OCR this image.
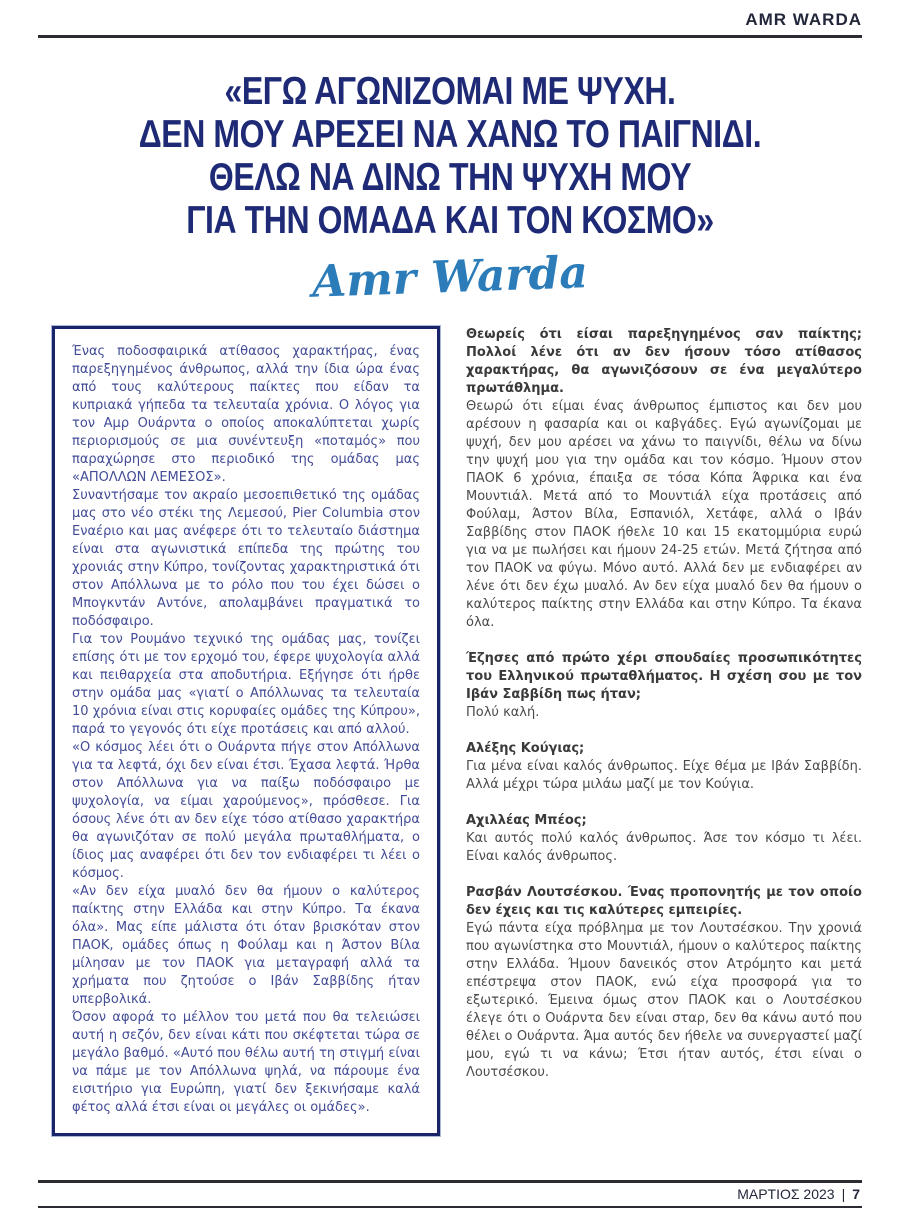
AMR WARDA
«ΕΓΩ ΑΓΩΝΙΖΟΜΑΙ ΜΕ ΨΥΧΗ.
ΔΕΝ ΜΟΥ ΑΡΕΣΕΙ ΝΑ ΧΑΝΩ ΤΟ ΠΑΙΓΝΙΔΙ.
ΘΕΛΩ ΝΑ ΔΙΝΩ ΤΗΝ ΨΥΧΗ ΜΟΥ
ΓΙΑ ΤΗΝ ΟΜΑΔΑ ΚΑΙ ΤΟΝ ΚΟΣΜΟ»
Amr Warda

Ένας ποδοσφαιρικά ατίθασος χαρακτήρας, ένας παρεξηγημένος άνθρωπος, αλλά την ίδια ώρα ένας από τους καλύτερους παίκτες που είδαν τα κυπριακά γήπεδα τα τελευταία χρόνια. Ο λόγος για τον Αμρ Ουάρντα ο οποίος αποκαλύπτεται χωρίς περιορισμούς σε μια συνέντευξη «ποταμός» που παραχώρησε στο περιοδικό της ομάδας μας «ΑΠΟΛΛΩΝ ΛΕΜΕΣΟΣ».

Συναντήσαμε τον ακραίο μεσοεπιθετικό της ομάδας μας στο νέο στέκι της Λεμεσού, Pier Columbia στον Εναέριο και μας ανέφερε ότι το τελευταίο διάστημα είναι στα αγωνιστικά επίπεδα της πρώτης του χρονιάς στην Κύπρο, τονίζοντας χαρακτηριστικά ότι στον Απόλλωνα με το ρόλο που του έχει δώσει ο Μπογκντάν Αντόνε, απολαμβάνει πραγματικά το ποδόσφαιρο.

Για τον Ρουμάνο τεχνικό της ομάδας μας, τονίζει επίσης ότι με τον ερχομό του, έφερε ψυχολογία αλλά και πειθαρχεία στα αποδυτήρια. Εξήγησε ότι ήρθε στην ομάδα μας «γιατί ο Απόλλωνας τα τελευταία 10 χρόνια είναι στις κορυφαίες ομάδες της Κύπρου», παρά το γεγονός ότι είχε προτάσεις και από αλλού.

«Ο κόσμος λέει ότι ο Ουάρντα πήγε στον Απόλλωνα για τα λεφτά, όχι δεν είναι έτσι. Έχασα λεφτά. Ήρθα στον Απόλλωνα για να παίξω ποδόσφαιρο με ψυχολογία, να είμαι χαρούμενος», πρόσθεσε. Για όσους λένε ότι αν δεν είχε τόσο ατίθασο χαρακτήρα θα αγωνιζόταν σε πολύ μεγάλα πρωταθλήματα, ο ίδιος μας αναφέρει ότι δεν τον ενδιαφέρει τι λέει ο κόσμος.

«Αν δεν είχα μυαλό δεν θα ήμουν ο καλύτερος παίκτης στην Ελλάδα και στην Κύπρο. Τα έκανα όλα». Μας είπε μάλιστα ότι όταν βρισκόταν στον ΠΑΟΚ, ομάδες όπως η Φούλαμ και η Άστον Βίλα μίλησαν με τον ΠΑΟΚ για μεταγραφή αλλά τα χρήματα που ζητούσε ο Ιβάν Σαββίδης ήταν υπερβολικά.

Όσον αφορά το μέλλον του μετά που θα τελειώσει αυτή η σεζόν, δεν είναι κάτι που σκέφτεται τώρα σε μεγάλο βαθμό. «Αυτό που θέλω αυτή τη στιγμή είναι να πάμε με τον Απόλλωνα ψηλά, να πάρουμε ένα εισιτήριο για Ευρώπη, γιατί δεν ξεκινήσαμε καλά φέτος αλλά έτσι είναι οι μεγάλες οι ομάδες».

Θεωρείς ότι είσαι παρεξηγημένος σαν παίκτης; Πολλοί λένε ότι αν δεν ήσουν τόσο ατίθασος χαρακτήρας, θα αγωνιζόσουν σε ένα μεγαλύτερο πρωτάθλημα.

Θεωρώ ότι είμαι ένας άνθρωπος έμπιστος και δεν μου αρέσουν η φασαρία και οι καβγάδες. Εγώ αγωνίζομαι με ψυχή, δεν μου αρέσει να χάνω το παιγνίδι, θέλω να δίνω την ψυχή μου για την ομάδα και τον κόσμο. Ήμουν στον ΠΑΟΚ 6 χρόνια, έπαιξα σε τόσα Κόπα Άφρικα και ένα Μουντιάλ. Μετά από το Μουντιάλ είχα προτάσεις από Φούλαμ, Άστον Βίλα, Εσπανιόλ, Χετάφε, αλλά ο Ιβάν Σαββίδης στον ΠΑΟΚ ήθελε 10 και 15 εκατομμύρια ευρώ για να με πωλήσει και ήμουν 24-25 ετών. Μετά ζήτησα από τον ΠΑΟΚ να φύγω. Μόνο αυτό. Αλλά δεν με ενδιαφέρει αν λένε ότι δεν έχω μυαλό. Αν δεν είχα μυαλό δεν θα ήμουν ο καλύτερος παίκτης στην Ελλάδα και στην Κύπρο. Τα έκανα όλα.

Έζησες από πρώτο χέρι σπουδαίες προσωπικότητες του Ελληνικού πρωταθλήματος. Η σχέση σου με τον Ιβάν Σαββίδη πως ήταν;

Πολύ καλή.

Αλέξης Κούγιας;

Για μένα είναι καλός άνθρωπος. Είχε θέμα με Ιβάν Σαββίδη. Αλλά μέχρι τώρα μιλάω μαζί με τον Κούγια.

Αχιλλέας Μπέος;

Και αυτός πολύ καλός άνθρωπος. Άσε τον κόσμο τι λέει. Είναι καλός άνθρωπος.

Ρασβάν Λουτσέσκου. Ένας προπονητής με τον οποίο δεν έχεις και τις καλύτερες εμπειρίες.

Εγώ πάντα είχα πρόβλημα με τον Λουτσέσκου. Την χρονιά που αγωνίστηκα στο Μουντιάλ, ήμουν ο καλύτερος παίκτης στην Ελλάδα. Ήμουν δανεικός στον Ατρόμητο και μετά επέστρεψα στον ΠΑΟΚ, ενώ είχα προσφορά για το εξωτερικό. Έμεινα όμως στον ΠΑΟΚ και ο Λουτσέσκου έλεγε ότι ο Ουάρντα δεν είναι σταρ, δεν θα κάνω αυτό που θέλει ο Ουάρντα. Άμα αυτός δεν ήθελε να συνεργαστεί μαζί μου, εγώ τι να κάνω; Έτσι ήταν αυτός, έτσι είναι ο Λουτσέσκου.

ΜΑΡΤΙΟΣ 2023 | 7
